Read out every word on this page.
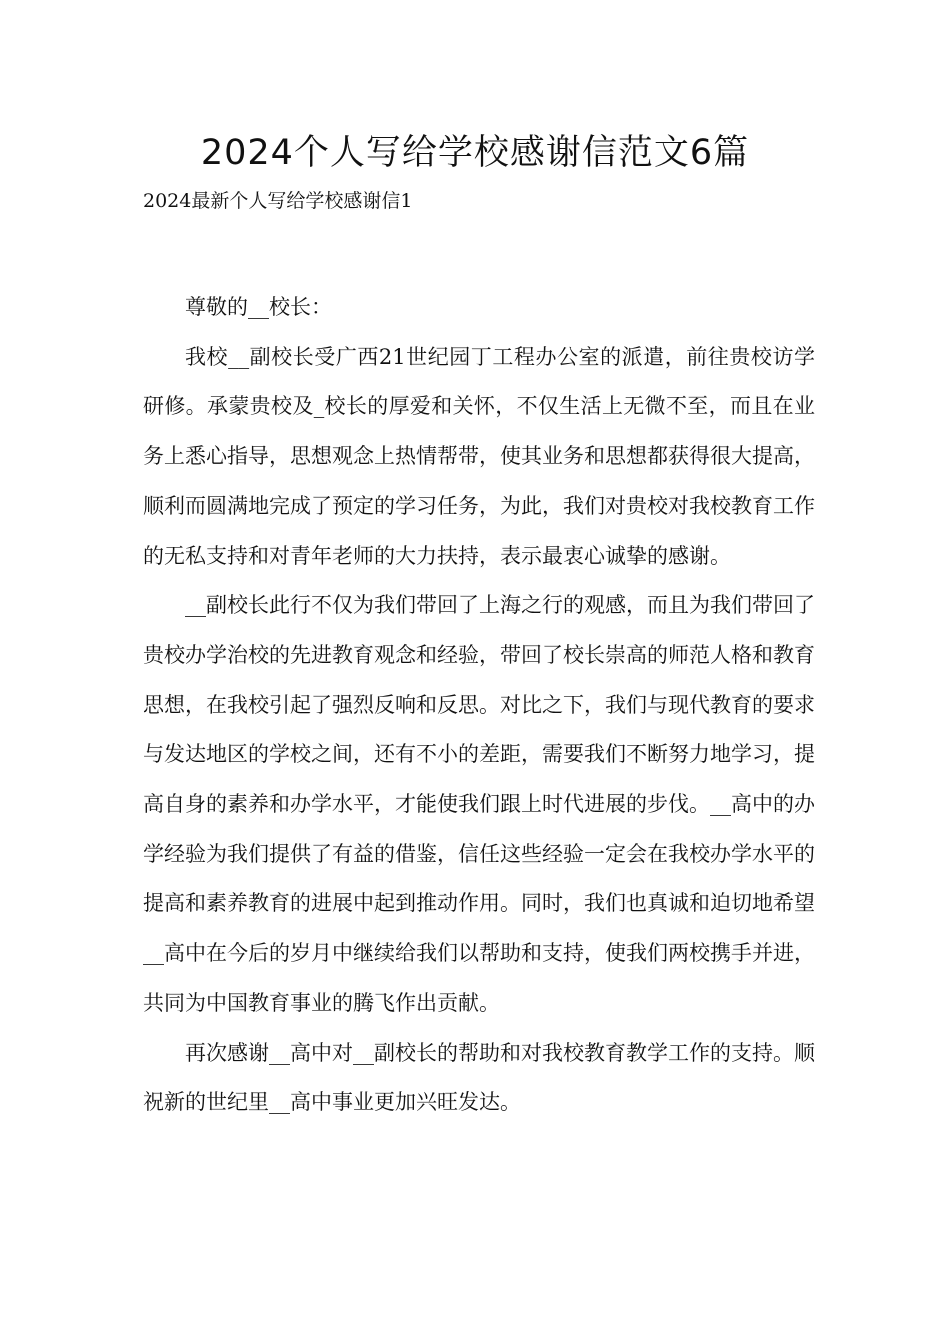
2024个人写给学校感谢信范文6篇
2024最新个人写给学校感谢信1

尊敬的__校长：

我校__副校长受广西21世纪园丁工程办公室的派遣，前往贵校访学研修。承蒙贵校及_校长的厚爱和关怀，不仅生活上无微不至，而且在业务上悉心指导，思想观念上热情帮带，使其业务和思想都获得很大提高，顺利而圆满地完成了预定的学习任务，为此，我们对贵校对我校教育工作的无私支持和对青年老师的大力扶持，表示最衷心诚挚的感谢。

__副校长此行不仅为我们带回了上海之行的观感，而且为我们带回了贵校办学治校的先进教育观念和经验，带回了校长崇高的师范人格和教育思想，在我校引起了强烈反响和反思。对比之下，我们与现代教育的要求与发达地区的学校之间，还有不小的差距，需要我们不断努力地学习，提高自身的素养和办学水平，才能使我们跟上时代进展的步伐。__高中的办学经验为我们提供了有益的借鉴，信任这些经验一定会在我校办学水平的提高和素养教育的进展中起到推动作用。同时，我们也真诚和迫切地希望__高中在今后的岁月中继续给我们以帮助和支持，使我们两校携手并进，共同为中国教育事业的腾飞作出贡献。

再次感谢__高中对__副校长的帮助和对我校教育教学工作的支持。顺祝新的世纪里__高中事业更加兴旺发达。
